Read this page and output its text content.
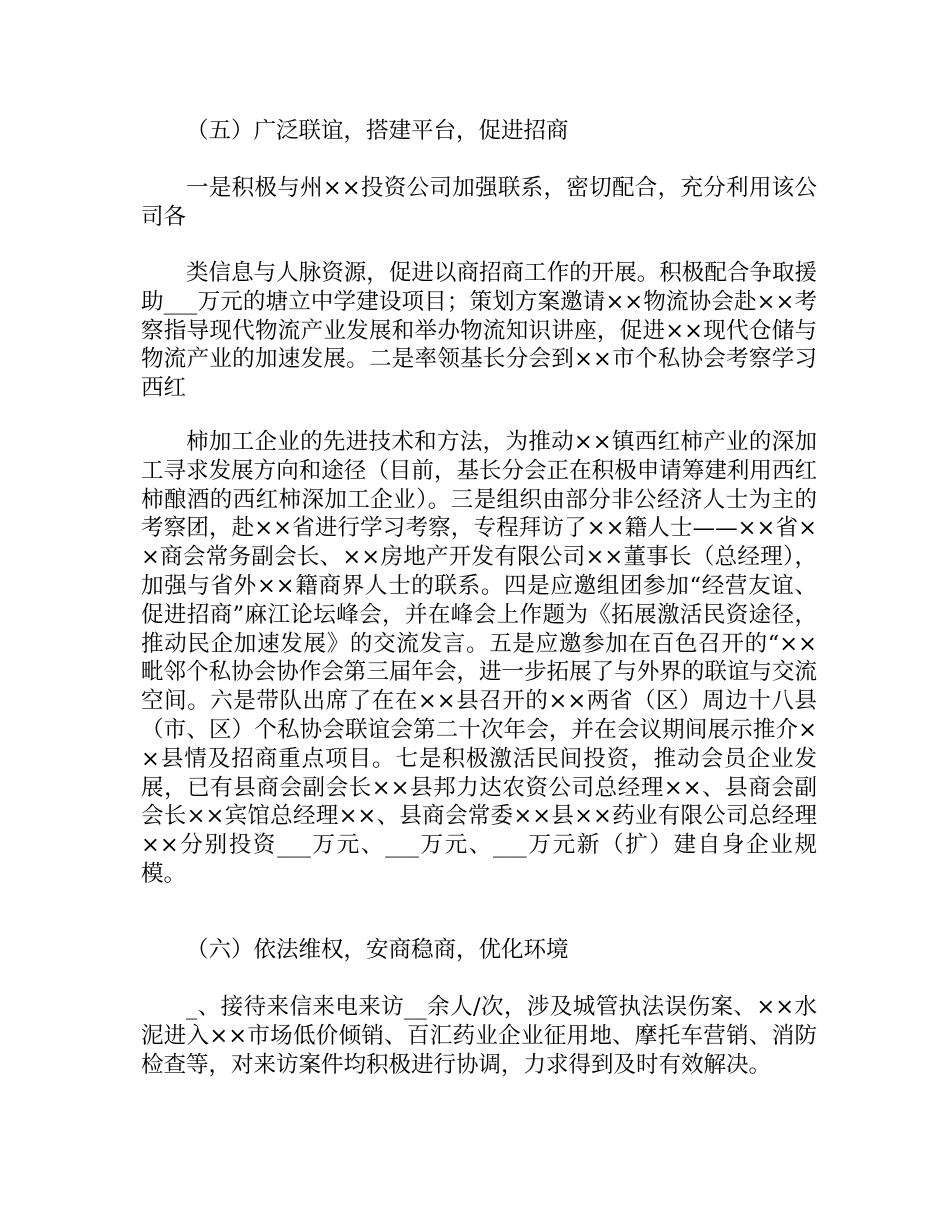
（五）广泛联谊，搭建平台，促进招商

一是积极与州××投资公司加强联系，密切配合，充分利用该公司各

类信息与人脉资源，促进以商招商工作的开展。积极配合争取援助___万元的塘立中学建设项目；策划方案邀请××物流协会赴××考察指导现代物流产业发展和举办物流知识讲座，促进××现代仓储与物流产业的加速发展。二是率领基长分会到××市个私协会考察学习西红

柿加工企业的先进技术和方法，为推动××镇西红柿产业的深加工寻求发展方向和途径（目前，基长分会正在积极申请筹建利用西红柿酿酒的西红柿深加工企业）。三是组织由部分非公经济人士为主的考察团，赴××省进行学习考察，专程拜访了××籍人士——××省××商会常务副会长、××房地产开发有限公司××董事长（总经理），加强与省外××籍商界人士的联系。四是应邀组团参加“经营友谊、促进招商”麻江论坛峰会，并在峰会上作题为《拓展激活民资途径，推动民企加速发展》的交流发言。五是应邀参加在百色召开的“××毗邻个私协会协作会第三届年会，进一步拓展了与外界的联谊与交流空间。六是带队出席了在在××县召开的××两省（区）周边十八县（市、区）个私协会联谊会第二十次年会，并在会议期间展示推介××县情及招商重点项目。七是积极激活民间投资，推动会员企业发展，已有县商会副会长××县邦力达农资公司总经理××、县商会副会长××宾馆总经理××、县商会常委××县××药业有限公司总经理××分别投资___万元、___万元、___万元新（扩）建自身企业规模。

（六）依法维权，安商稳商，优化环境

_、接待来信来电来访__余人/次，涉及城管执法误伤案、××水泥进入××市场低价倾销、百汇药业企业征用地、摩托车营销、消防检查等，对来访案件均积极进行协调，力求得到及时有效解决。
